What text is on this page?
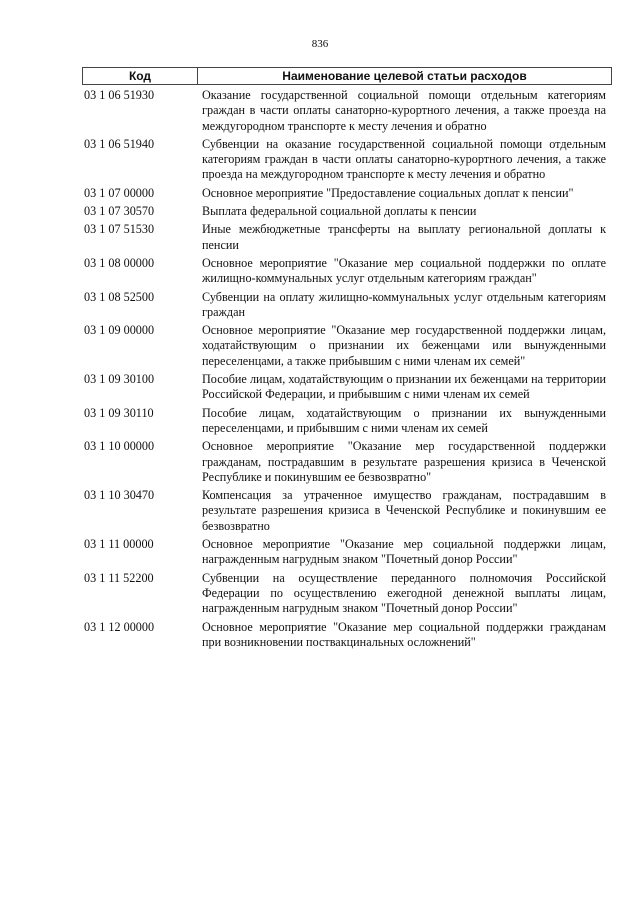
836
Код	Наименование целевой статьи расходов
03 1 06 51930	Оказание государственной социальной помощи отдельным категориям граждан в части оплаты санаторно-курортного лечения, а также проезда на междугородном транспорте к месту лечения и обратно
03 1 06 51940	Субвенции на оказание государственной социальной помощи отдельным категориям граждан в части оплаты санаторно-курортного лечения, а также проезда на междугородном транспорте к месту лечения и обратно
03 1 07 00000	Основное мероприятие "Предоставление социальных доплат к пенсии"
03 1 07 30570	Выплата федеральной социальной доплаты к пенсии
03 1 07 51530	Иные межбюджетные трансферты на выплату региональной доплаты к пенсии
03 1 08 00000	Основное мероприятие "Оказание мер социальной поддержки по оплате жилищно-коммунальных услуг отдельным категориям граждан"
03 1 08 52500	Субвенции на оплату жилищно-коммунальных услуг отдельным категориям граждан
03 1 09 00000	Основное мероприятие "Оказание мер государственной поддержки лицам, ходатайствующим о признании их беженцами или вынужденными переселенцами, а также прибывшим с ними членам их семей"
03 1 09 30100	Пособие лицам, ходатайствующим о признании их беженцами на территории Российской Федерации, и прибывшим с ними членам их семей
03 1 09 30110	Пособие лицам, ходатайствующим о признании их вынужденными переселенцами, и прибывшим с ними членам их семей
03 1 10 00000	Основное мероприятие "Оказание мер государственной поддержки гражданам, пострадавшим в результате разрешения кризиса в Чеченской Республике и покинувшим ее безвозвратно"
03 1 10 30470	Компенсация за утраченное имущество гражданам, пострадавшим в результате разрешения кризиса в Чеченской Республике и покинувшим ее безвозвратно
03 1 11 00000	Основное мероприятие "Оказание мер социальной поддержки лицам, награжденным нагрудным знаком "Почетный донор России"
03 1 11 52200	Субвенции на осуществление переданного полномочия Российской Федерации по осуществлению ежегодной денежной выплаты лицам, награжденным нагрудным знаком "Почетный донор России"
03 1 12 00000	Основное мероприятие "Оказание мер социальной поддержки гражданам при возникновении поствакцинальных осложнений"
